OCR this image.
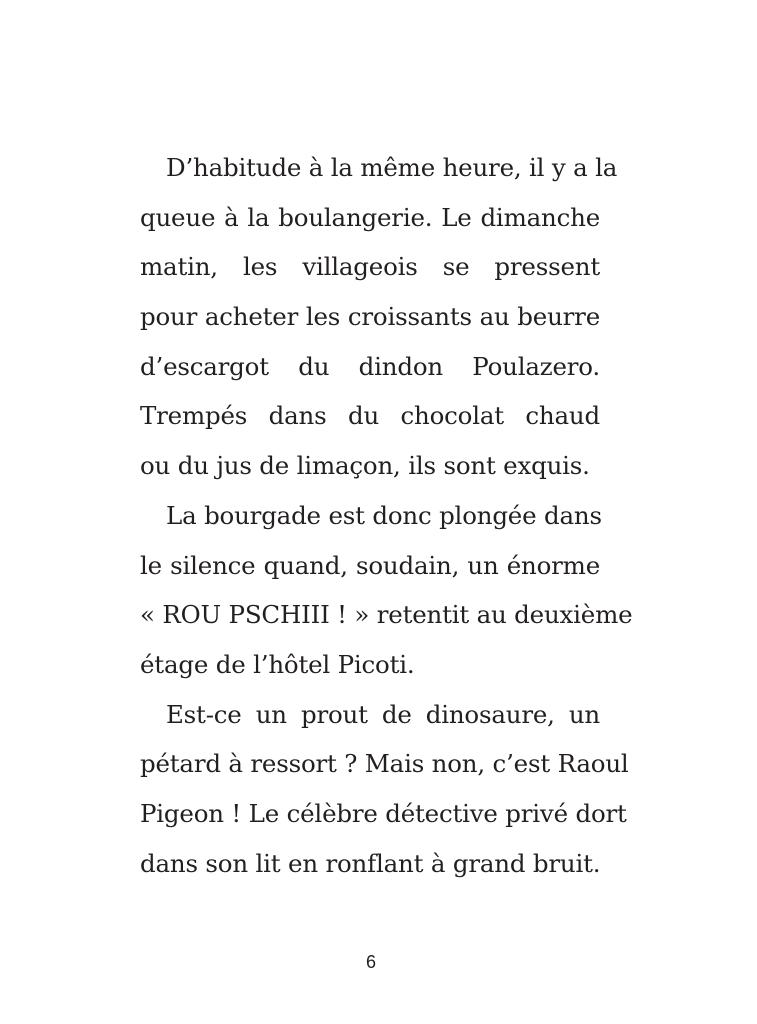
D’habitude à la même heure, il y a la
queue à la boulangerie. Le dimanche
matin, les villageois se pressent
pour acheter les croissants au beurre
d’escargot du dindon Poulazero.
Trempés dans du chocolat chaud
ou du jus de limaçon, ils sont exquis.
La bourgade est donc plongée dans
le silence quand, soudain, un énorme
« ROU PSCHIII ! » retentit au deuxième
étage de l’hôtel Picoti.
Est-ce un prout de dinosaure, un
pétard à ressort ? Mais non, c’est Raoul
Pigeon ! Le célèbre détective privé dort
dans son lit en ronflant à grand bruit.
6
